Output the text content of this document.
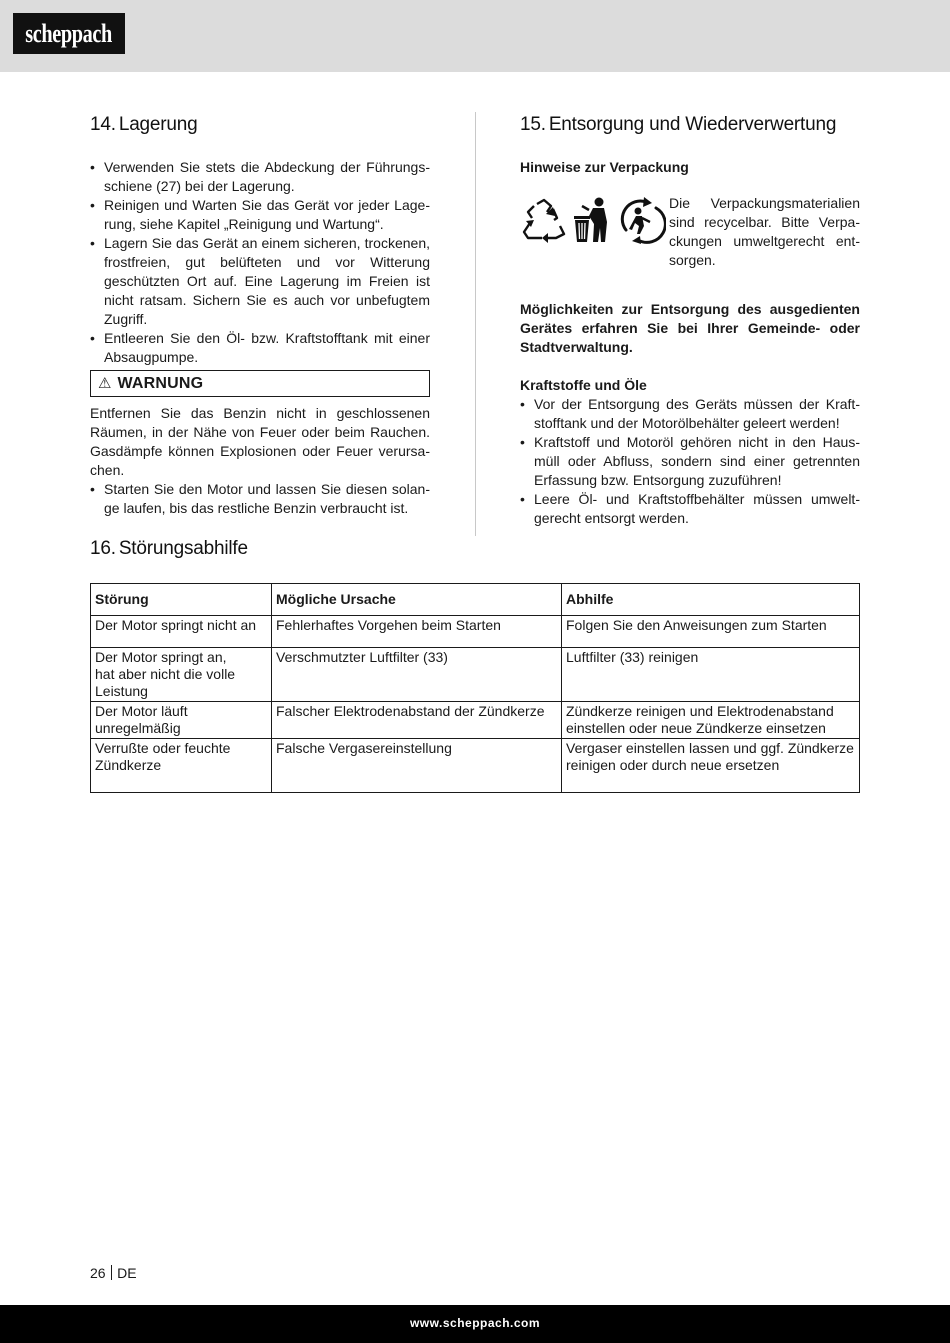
scheppach
14. Lagerung
• Verwenden Sie stets die Abdeckung der Führungsschiene (27) bei der Lagerung.
• Reinigen und Warten Sie das Gerät vor jeder Lagerung, siehe Kapitel „Reinigung und Wartung“.
• Lagern Sie das Gerät an einem sicheren, trockenen, frostfreien, gut belüfteten und vor Witterung geschützten Ort auf. Eine Lagerung im Freien ist nicht ratsam. Sichern Sie es auch vor unbefugtem Zugriff.
• Entleeren Sie den Öl- bzw. Kraftstofftank mit einer Absaugpumpe.
⚠ WARNUNG

Entfernen Sie das Benzin nicht in geschlossenen Räumen, in der Nähe von Feuer oder beim Rauchen. Gasdämpfe können Explosionen oder Feuer verursachen.

• Starten Sie den Motor und lassen Sie diesen solange laufen, bis das restliche Benzin verbraucht ist.
15. Entsorgung und Wiederverwertung

Hinweise zur Verpackung

Die Verpackungsmaterialien sind recycelbar. Bitte Verpackungen umweltgerecht entsorgen.

Möglichkeiten zur Entsorgung des ausgedienten Gerätes erfahren Sie bei Ihrer Gemeinde- oder Stadtverwaltung.

Kraftstoffe und Öle

• Vor der Entsorgung des Geräts müssen der Kraftstofftank und der Motorölbehälter geleert werden!
• Kraftstoff und Motoröl gehören nicht in den Hausmüll oder Abfluss, sondern sind einer getrennten Erfassung bzw. Entsorgung zuzuführen!
• Leere Öl- und Kraftstoffbehälter müssen umweltgerecht entsorgt werden.
16. Störungsabhilfe
Störung	Mögliche Ursache	Abhilfe
Der Motor springt nicht an	Fehlerhaftes Vorgehen beim Starten	Folgen Sie den Anweisungen zum Starten
Der Motor springt an,
hat aber nicht die volle Leistung	Verschmutzter Luftfilter (33)	Luftfilter (33) reinigen
Der Motor läuft unregelmäßig	Falscher Elektrodenabstand der Zündkerze	Zündkerze reinigen und Elektrodenabstand einstellen oder neue Zündkerze einsetzen
Verrußte oder feuchte Zündkerze	Falsche Vergasereinstellung	Vergaser einstellen lassen und ggf. Zündkerze reinigen oder durch neue ersetzen
26 DE
www.scheppach.com
